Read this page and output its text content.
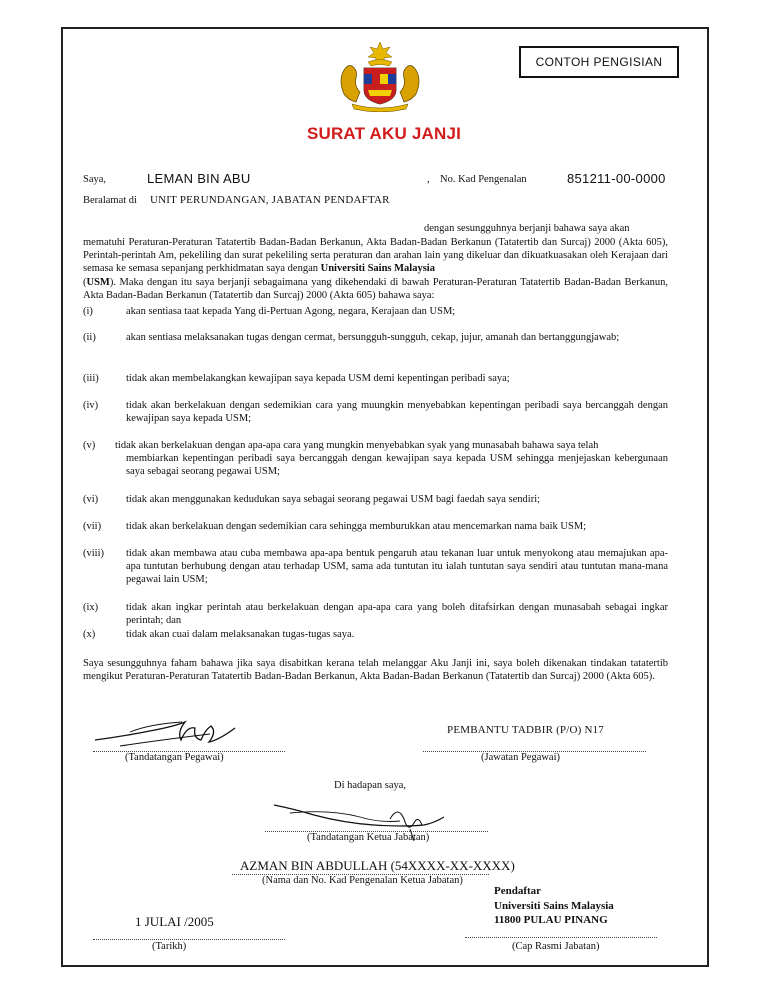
CONTOH PENGISIAN
SURAT AKU JANJI
Saya,	LEMAN BIN ABU	, No. Kad Pengenalan	851211-00-0000
Beralamat di UNIT PERUNDANGAN, JABATAN PENDAFTAR
dengan sesungguhnya berjanji bahawa saya akan
mematuhi Peraturan-Peraturan Tatatertib Badan-Badan Berkanun, Akta Badan-Badan Berkanun (Tatatertib dan Surcaj) 2000 (Akta 605), Perintah-perintah Am, pekeliling dan surat pekeliling serta peraturan dan arahan lain yang dikeluar dan dikuatkuasakan oleh Kerajaan dari semasa ke semasa sepanjang perkhidmatan saya dengan Universiti Sains Malaysia
(USM). Maka dengan itu saya berjanji sebagaimana yang dikehendaki di bawah Peraturan-Peraturan Tatatertib Badan-Badan Berkanun, Akta Badan-Badan Berkanun (Tatatertib dan Surcaj) 2000 (Akta 605) bahawa saya:
(i)	akan sentiasa taat kepada Yang di-Pertuan Agong, negara, Kerajaan dan USM;
(ii)	akan sentiasa melaksanakan tugas dengan cermat, bersungguh-sungguh, cekap, jujur, amanah dan bertanggungjawab;
(iii)	tidak akan membelakangkan kewajipan saya kepada USM demi kepentingan peribadi saya;
(iv)	tidak akan berkelakuan dengan sedemikian cara yang muungkin menyebabkan kepentingan peribadi saya bercanggah dengan kewajipan saya kepada USM;
(v) tidak akan berkelakuan dengan apa-apa cara yang mungkin menyebabkan syak yang munasabah bahawa saya telah
membiarkan kepentingan peribadi saya bercanggah dengan kewajipan saya kepada USM sehingga menjejaskan kebergunaan saya sebagai seorang pegawai USM;
(vi)	tidak akan menggunakan kedudukan saya sebagai seorang pegawai USM bagi faedah saya sendiri;
(vii) tidak akan berkelakuan dengan sedemikian cara sehingga memburukkan atau mencemarkan nama baik USM;
(viii) tidak akan membawa atau cuba membawa apa-apa bentuk pengaruh atau tekanan luar untuk menyokong atau memajukan apa-apa tuntutan berhubung dengan atau terhadap USM, sama ada tuntutan itu ialah tuntutan saya sendiri atau tuntutan mana-mana pegawai lain USM;
(ix)	tidak akan ingkar perintah atau berkelakuan dengan apa-apa cara yang boleh ditafsirkan dengan munasabah sebagai ingkar perintah; dan
(x)	tidak akan cuai dalam melaksanakan tugas-tugas saya.
Saya sesungguhnya faham bahawa jika saya disabitkan kerana telah melanggar Aku Janji ini, saya boleh dikenakan tindakan tatatertib mengikut Peraturan-Peraturan Tatatertib Badan-Badan Berkanun, Akta Badan-Badan Berkanun (Tatatertib dan Surcaj) 2000 (Akta 605).
(Tandatangan Pegawai)
PEMBANTU TADBIR (P/O) N17
(Jawatan Pegawai)
Di hadapan saya,
(Tandatangan Ketua Jabatan)
AZMAN BIN ABDULLAH (54XXXX-XX-XXXX)
(Nama dan No. Kad Pengenalan Ketua Jabatan)
Pendaftar
Universiti Sains Malaysia
11800 PULAU PINANG
(Cap Rasmi Jabatan)
1 JULAI /2005
(Tarikh)
